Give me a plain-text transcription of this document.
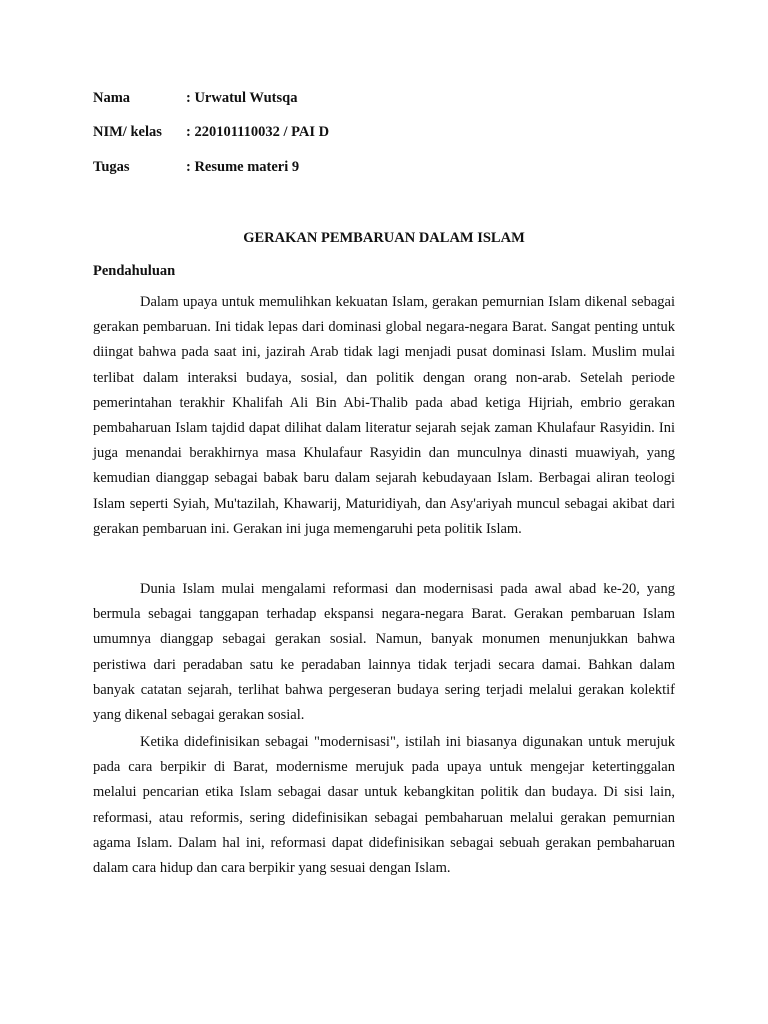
Nama	: Urwatul Wutsqa
NIM/ kelas : 220101110032 / PAI D
Tugas	: Resume materi 9
GERAKAN PEMBARUAN DALAM ISLAM
Pendahuluan

Dalam upaya untuk memulihkan kekuatan Islam, gerakan pemurnian Islam dikenal sebagai gerakan pembaruan. Ini tidak lepas dari dominasi global negara-negara Barat. Sangat penting untuk diingat bahwa pada saat ini, jazirah Arab tidak lagi menjadi pusat dominasi Islam. Muslim mulai terlibat dalam interaksi budaya, sosial, dan politik dengan orang non-arab. Setelah periode pemerintahan terakhir Khalifah Ali Bin Abi-Thalib pada abad ketiga Hijriah, embrio gerakan pembaharuan Islam tajdid dapat dilihat dalam literatur sejarah sejak zaman Khulafaur Rasyidin. Ini juga menandai berakhirnya masa Khulafaur Rasyidin dan munculnya dinasti muawiyah, yang kemudian dianggap sebagai babak baru dalam sejarah kebudayaan Islam. Berbagai aliran teologi Islam seperti Syiah, Mu'tazilah, Khawarij, Maturidiyah, dan Asy'ariyah muncul sebagai akibat dari gerakan pembaruan ini. Gerakan ini juga memengaruhi peta politik Islam.

Dunia Islam mulai mengalami reformasi dan modernisasi pada awal abad ke-20, yang bermula sebagai tanggapan terhadap ekspansi negara-negara Barat. Gerakan pembaruan Islam umumnya dianggap sebagai gerakan sosial. Namun, banyak monumen menunjukkan bahwa peristiwa dari peradaban satu ke peradaban lainnya tidak terjadi secara damai. Bahkan dalam banyak catatan sejarah, terlihat bahwa pergeseran budaya sering terjadi melalui gerakan kolektif yang dikenal sebagai gerakan sosial.

Ketika didefinisikan sebagai "modernisasi", istilah ini biasanya digunakan untuk merujuk pada cara berpikir di Barat, modernisme merujuk pada upaya untuk mengejar ketertinggalan melalui pencarian etika Islam sebagai dasar untuk kebangkitan politik dan budaya. Di sisi lain, reformasi, atau reformis, sering didefinisikan sebagai pembaharuan melalui gerakan pemurnian agama Islam. Dalam hal ini, reformasi dapat didefinisikan sebagai sebuah gerakan pembaharuan dalam cara hidup dan cara berpikir yang sesuai dengan Islam.
